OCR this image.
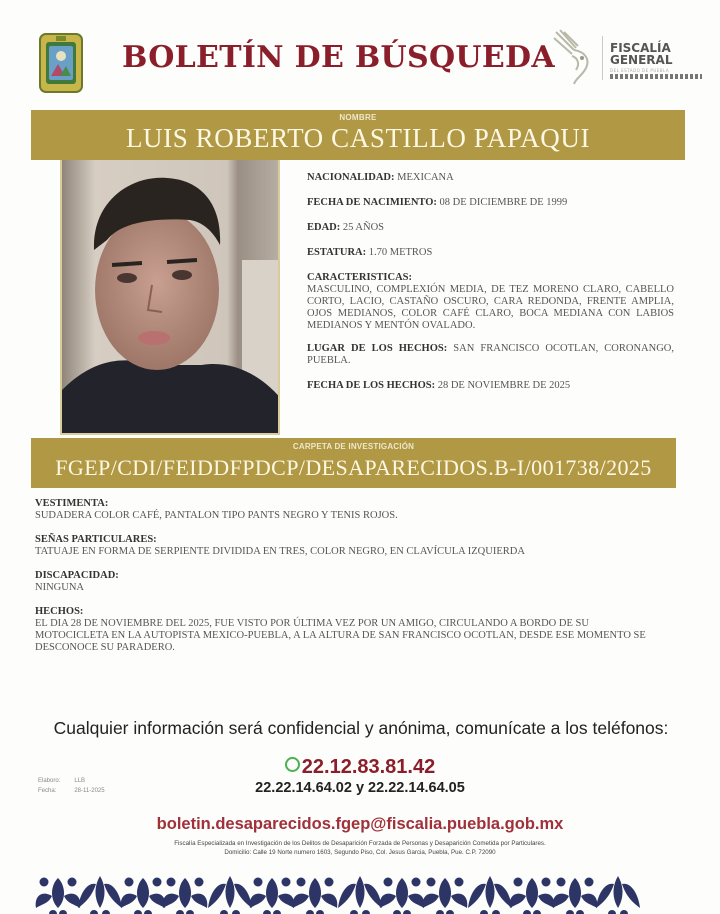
BOLETÍN DE BÚSQUEDA	FISCALÍA
GENERAL
DEL ESTADO DE PUEBLA
NOMBRE
LUIS ROBERTO CASTILLO PAPAQUI
NACIONALIDAD: MEXICANA
FECHA DE NACIMIENTO: 08 DE DICIEMBRE DE 1999
EDAD: 25 AÑOS
ESTATURA: 1.70 METROS
CARACTERISTICAS:
MASCULINO, COMPLEXIÓN MEDIA, DE TEZ MORENO CLARO, CABELLO CORTO, LACIO, CASTAÑO OSCURO, CARA REDONDA, FRENTE AMPLIA, OJOS MEDIANOS, COLOR CAFÉ CLARO, BOCA MEDIANA CON LABIOS MEDIANOS Y MENTÓN OVALADO.
LUGAR DE LOS HECHOS: SAN FRANCISCO OCOTLAN, CORONANGO, PUEBLA.
FECHA DE LOS HECHOS: 28 DE NOVIEMBRE DE 2025
CARPETA DE INVESTIGACIÓN
FGEP/CDI/FEIDDFPDCP/DESAPARECIDOS.B-I/001738/2025
VESTIMENTA:
SUDADERA COLOR CAFÉ, PANTALON TIPO PANTS NEGRO Y TENIS ROJOS.
SEÑAS PARTICULARES:
TATUAJE EN FORMA DE SERPIENTE DIVIDIDA EN TRES, COLOR NEGRO, EN CLAVÍCULA IZQUIERDA
DISCAPACIDAD:
NINGUNA
HECHOS:
EL DIA 28 DE NOVIEMBRE DEL 2025, FUE VISTO POR ÚLTIMA VEZ POR UN AMIGO, CIRCULANDO A BORDO DE SU MOTOCICLETA EN LA AUTOPISTA MEXICO-PUEBLA, A LA ALTURA DE SAN FRANCISCO OCOTLAN, DESDE ESE MOMENTO SE DESCONOCE SU PARADERO.
Cualquier información será confidencial y anónima, comunícate a los teléfonos:
22.12.83.81.42
22.22.14.64.02 y 22.22.14.64.05
Elaboro: LLB
Fecha:	28-11-2025
boletin.desaparecidos.fgep@fiscalia.puebla.gob.mx
Fiscalía Especializada en Investigación de los Delitos de Desaparición Forzada de Personas y Desaparición Cometida por Particulares.
Domicilio: Calle 19 Norte numero 1603, Segundo Piso, Col. Jesus Garcia, Puebla, Pue. C.P. 72090
